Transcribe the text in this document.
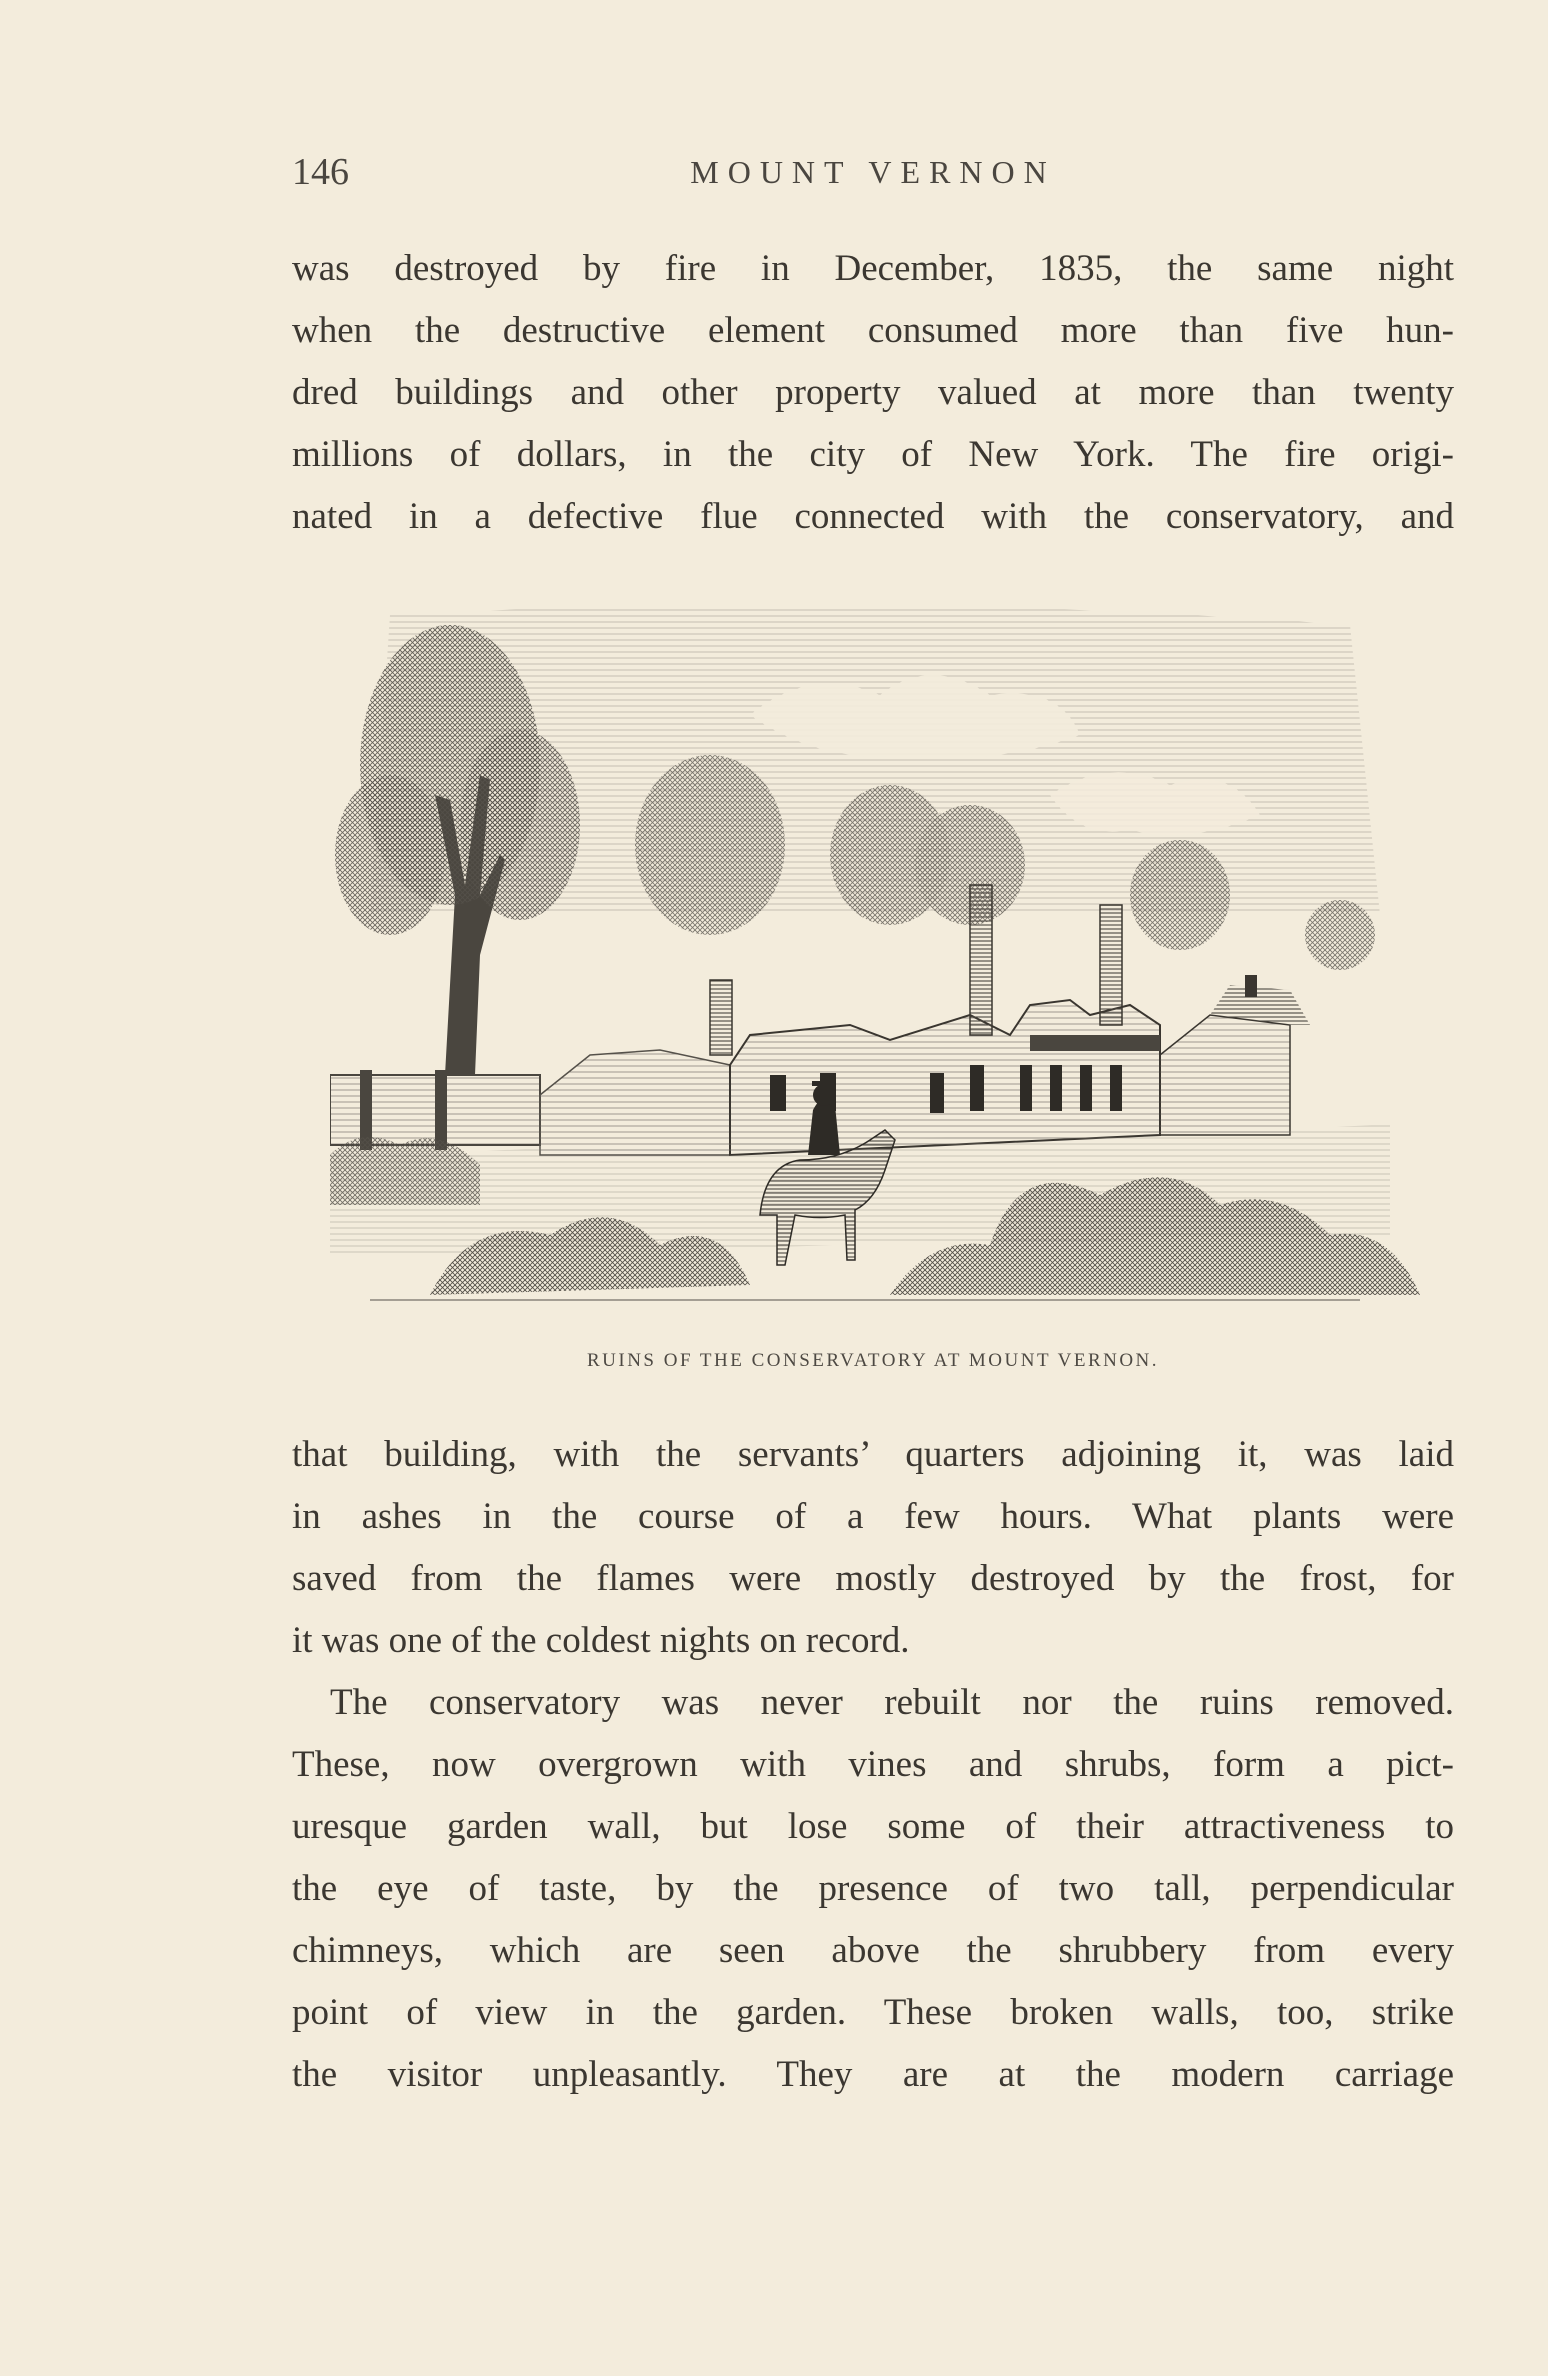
146	MOUNT VERNON
was destroyed by fire in December, 1835, the same night
when the destructive element consumed more than five hun-
dred buildings and other property valued at more than twenty
millions of dollars, in the city of New York. The fire origi-
nated in a defective flue connected with the conservatory, and
RUINS OF THE CONSERVATORY AT MOUNT VERNON.
that building, with the servants’ quarters adjoining it, was laid
in ashes in the course of a few hours. What plants were
saved from the flames were mostly destroyed by the frost, for
it was one of the coldest nights on record.
The conservatory was never rebuilt nor the ruins removed.
These, now overgrown with vines and shrubs, form a pict-
uresque garden wall, but lose some of their attractiveness to
the eye of taste, by the presence of two tall, perpendicular
chimneys, which are seen above the shrubbery from every
point of view in the garden. These broken walls, too, strike
the visitor unpleasantly. They are at the modern carriage
